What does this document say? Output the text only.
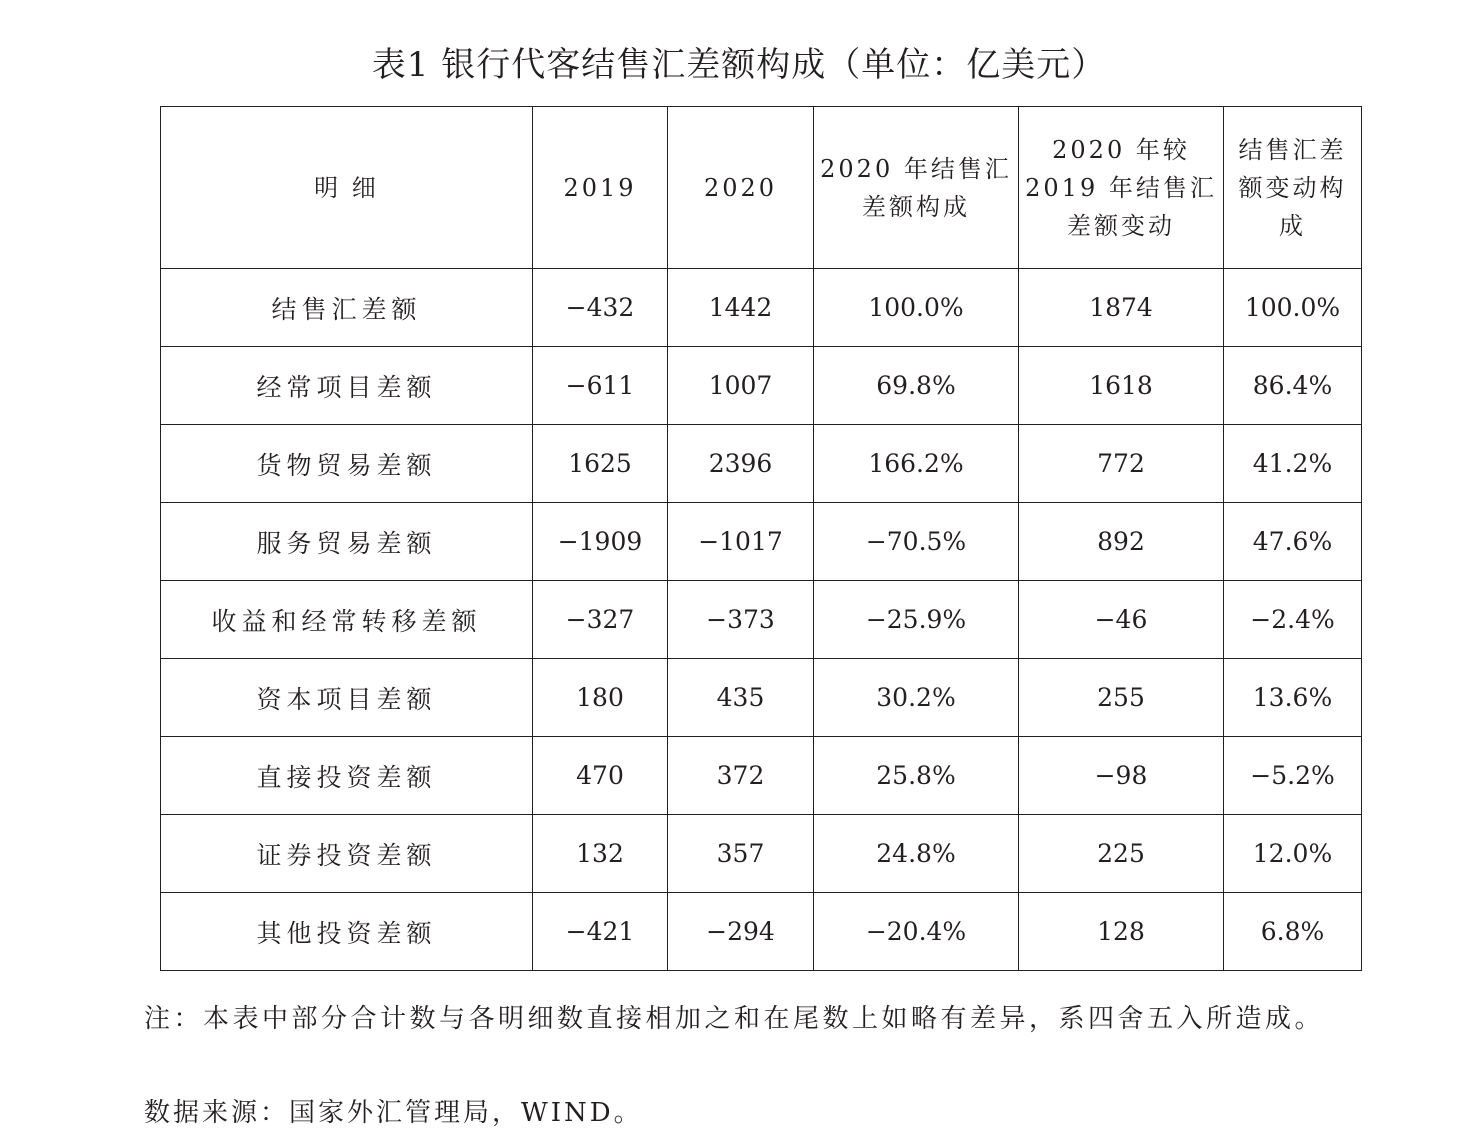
表1 银行代客结售汇差额构成（单位：亿美元）
明 细	2019	2020	2020 年结售汇差额构成	2020 年较 2019 年结售汇差额变动	结售汇差额变动构成
结售汇差额	−432	1442	100.0%	1874	100.0%
经常项目差额	−611	1007	69.8%	1618	86.4%
货物贸易差额	1625	2396	166.2%	772	41.2%
服务贸易差额	−1909	−1017	−70.5%	892	47.6%
收益和经常转移差额	−327	−373	−25.9%	−46	−2.4%
资本项目差额	180	435	30.2%	255	13.6%
直接投资差额	470	372	25.8%	−98	−5.2%
证券投资差额	132	357	24.8%	225	12.0%
其他投资差额	−421	−294	−20.4%	128	6.8%
注：本表中部分合计数与各明细数直接相加之和在尾数上如略有差异，系四舍五入所造成。
数据来源：国家外汇管理局，WIND。
